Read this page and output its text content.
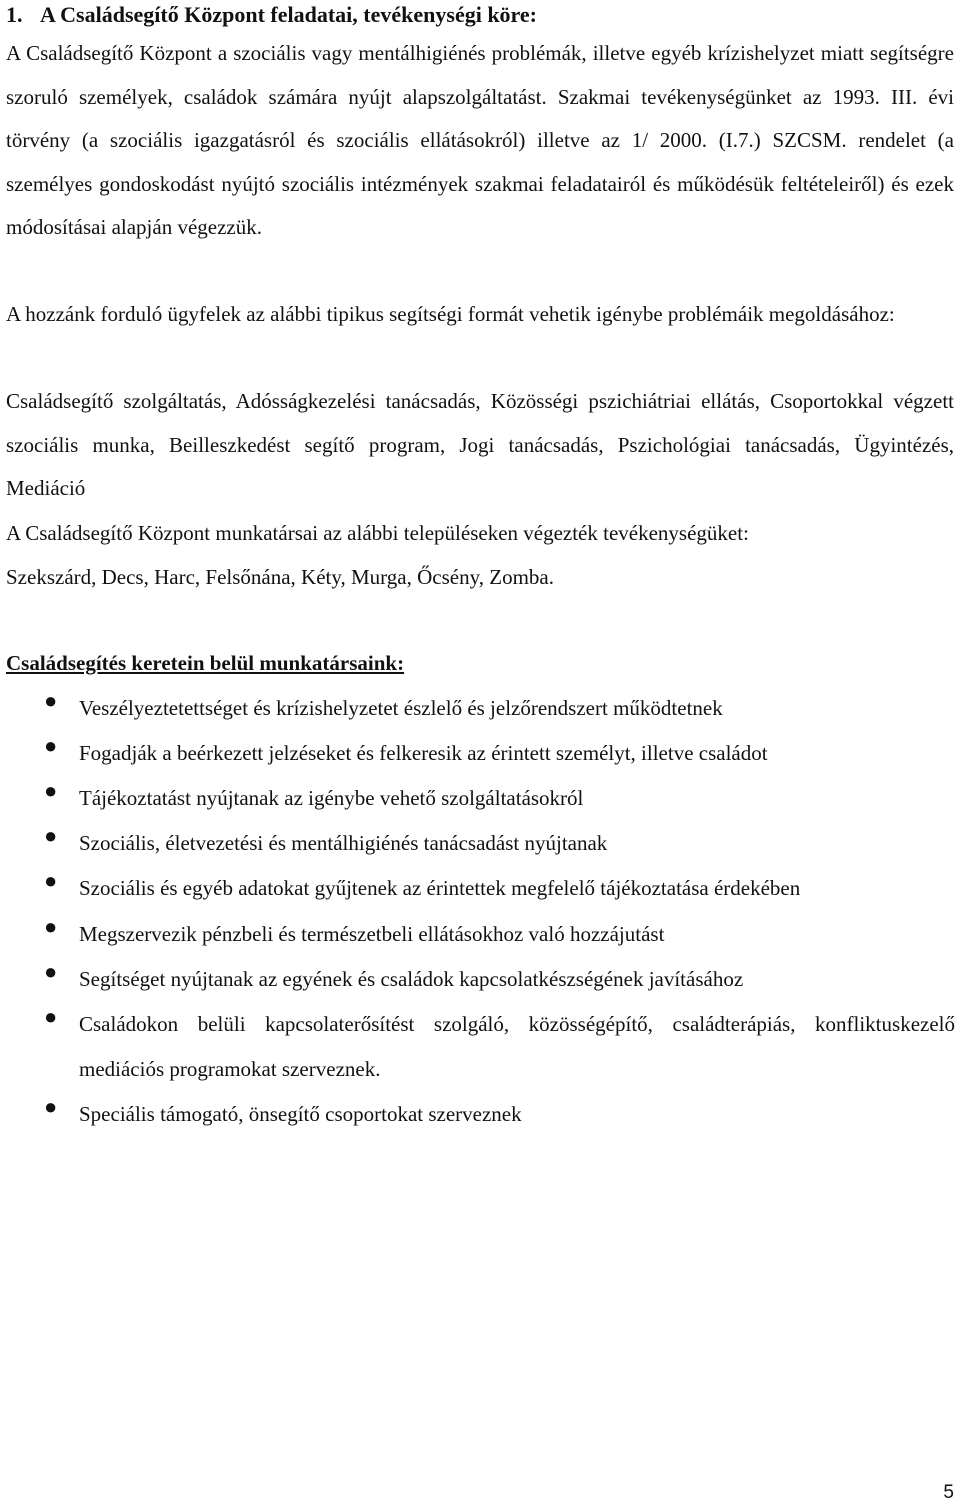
1. A Családsegítő Központ feladatai, tevékenységi köre:
A Családsegítő Központ a szociális vagy mentálhigiénés problémák, illetve egyéb krízishelyzet miatt segítségre szoruló személyek, családok számára nyújt alapszolgáltatást. Szakmai tevékenységünket az 1993. III. évi törvény (a szociális igazgatásról és szociális ellátásokról) illetve az 1/ 2000. (I.7.) SZCSM. rendelet (a személyes gondoskodást nyújtó szociális intézmények szakmai feladatairól és működésük feltételeiről) és ezek módosításai alapján végezzük.
A hozzánk forduló ügyfelek az alábbi tipikus segítségi formát vehetik igénybe problémáik megoldásához:
Családsegítő szolgáltatás, Adósságkezelési tanácsadás, Közösségi pszichiátriai ellátás, Csoportokkal végzett szociális munka, Beilleszkedést segítő program, Jogi tanácsadás, Pszichológiai tanácsadás, Ügyintézés, Mediáció
A Családsegítő Központ munkatársai az alábbi településeken végezték tevékenységüket:
Szekszárd, Decs, Harc, Felsőnána, Kéty, Murga, Őcsény, Zomba.
Családsegítés keretein belül munkatársaink:
● Veszélyeztetettséget és krízishelyzetet észlelő és jelzőrendszert működtetnek
● Fogadják a beérkezett jelzéseket és felkeresik az érintett személyt, illetve családot
● Tájékoztatást nyújtanak az igénybe vehető szolgáltatásokról
● Szociális, életvezetési és mentálhigiénés tanácsadást nyújtanak
● Szociális és egyéb adatokat gyűjtenek az érintettek megfelelő tájékoztatása érdekében
● Megszervezik pénzbeli és természetbeli ellátásokhoz való hozzájutást
● Segítséget nyújtanak az egyének és családok kapcsolatkészségének javításához
● Családokon belüli kapcsolaterősítést szolgáló, közösségépítő, családterápiás, konfliktuskezelő mediációs programokat szerveznek.
● Speciális támogató, önsegítő csoportokat szerveznek
5
